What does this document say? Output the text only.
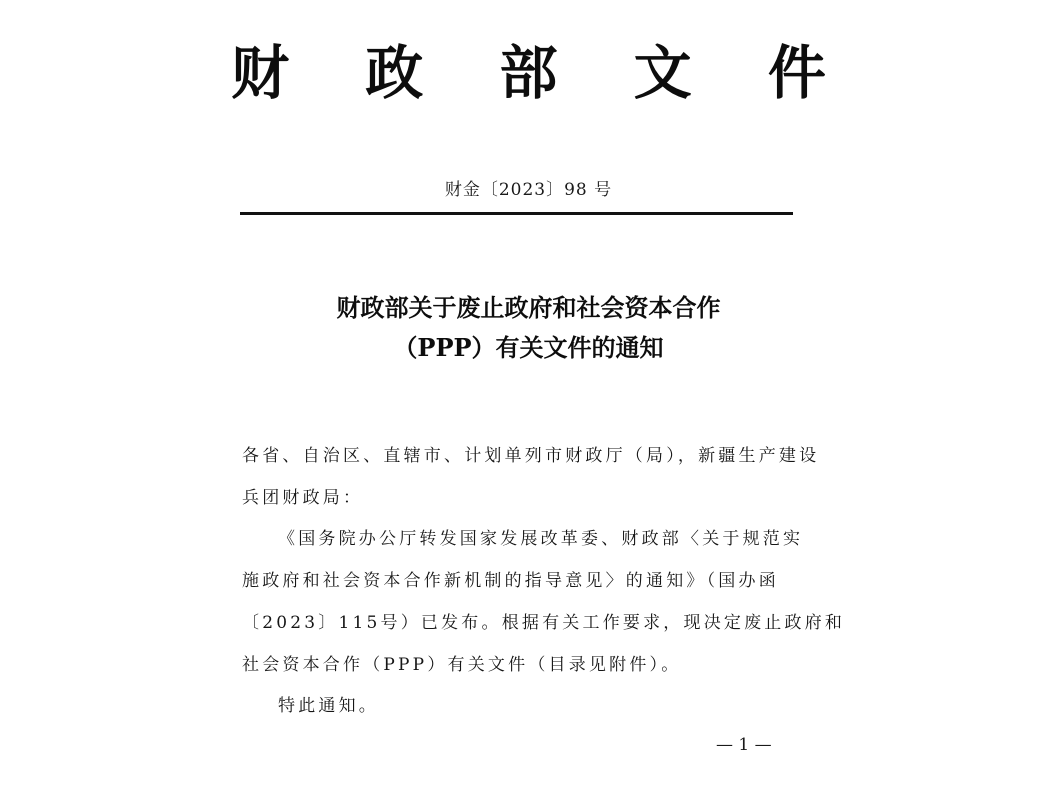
财 政 部 文 件
财金〔2023〕98 号
财政部关于废止政府和社会资本合作
（PPP）有关文件的通知
各省、自治区、直辖市、计划单列市财政厅（局），新疆生产建设
兵团财政局：
《国务院办公厅转发国家发展改革委、财政部〈关于规范实
施政府和社会资本合作新机制的指导意见〉的通知》（国办函
〔2023〕115号）已发布。根据有关工作要求，现决定废止政府和
社会资本合作（PPP）有关文件（目录见附件）。
特此通知。
— 1 —
